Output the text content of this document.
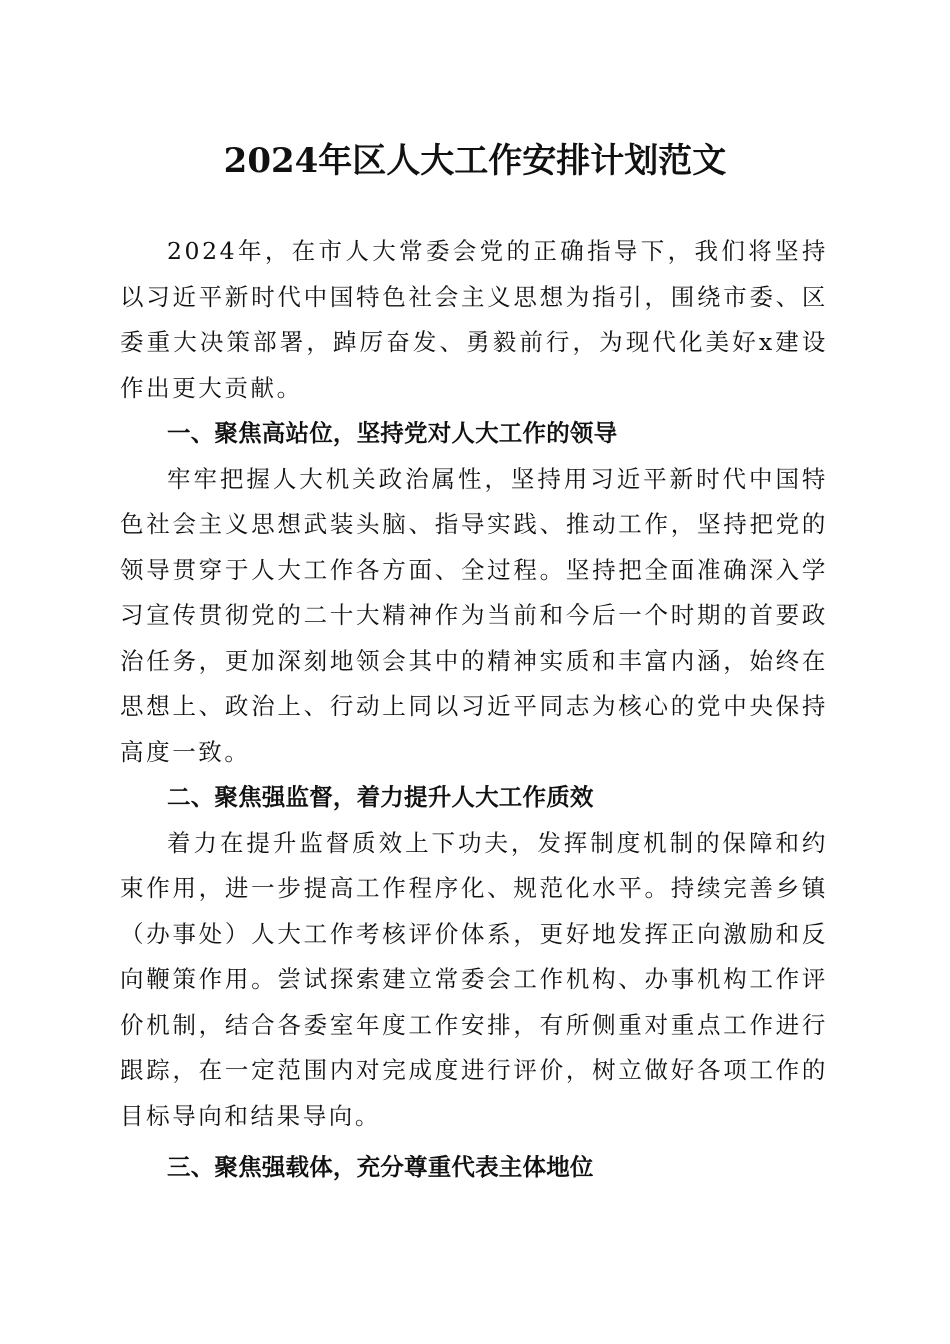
2024年区人大工作安排计划范文

2024年，在市人大常委会党的正确指导下，我们将坚持以习近平新时代中国特色社会主义思想为指引，围绕市委、区委重大决策部署，踔厉奋发、勇毅前行，为现代化美好x建设作出更大贡献。

一、聚焦高站位，坚持党对人大工作的领导

牢牢把握人大机关政治属性，坚持用习近平新时代中国特色社会主义思想武装头脑、指导实践、推动工作，坚持把党的领导贯穿于人大工作各方面、全过程。坚持把全面准确深入学习宣传贯彻党的二十大精神作为当前和今后一个时期的首要政治任务，更加深刻地领会其中的精神实质和丰富内涵，始终在思想上、政治上、行动上同以习近平同志为核心的党中央保持高度一致。

二、聚焦强监督，着力提升人大工作质效

着力在提升监督质效上下功夫，发挥制度机制的保障和约束作用，进一步提高工作程序化、规范化水平。持续完善乡镇（办事处）人大工作考核评价体系，更好地发挥正向激励和反向鞭策作用。尝试探索建立常委会工作机构、办事机构工作评价机制，结合各委室年度工作安排，有所侧重对重点工作进行跟踪，在一定范围内对完成度进行评价，树立做好各项工作的目标导向和结果导向。

三、聚焦强载体，充分尊重代表主体地位
